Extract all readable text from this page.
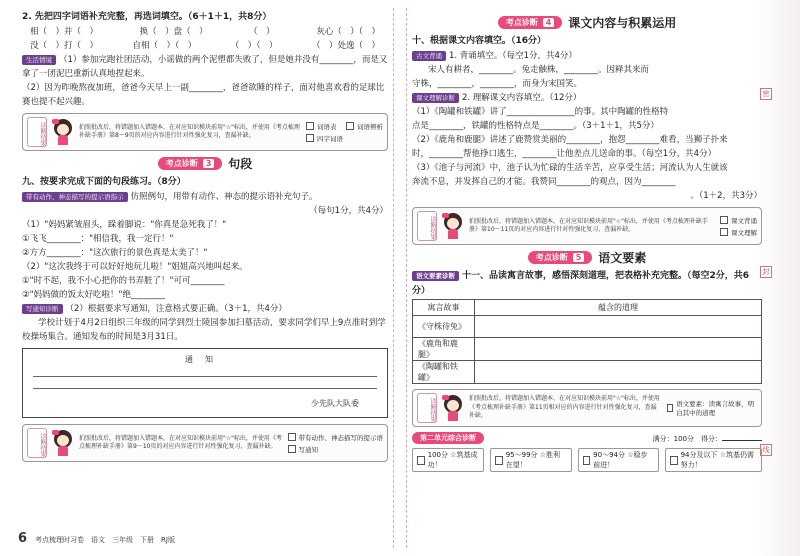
密
封
线
2. 先把四字词语补充完整，再选词填空。（6＋1＋1，共8分）
相（　）并（　）	换（　）盘（　）	（　）	灰心（　）（　）
没（　）打（　）	自相（　）（　）	（　）（　）	（　）处逸（　）
生活情境 （1）参加完跑社团活动，小谣做的两个泥塑都失败了，但是她并没有________，而是又拿了一团泥巴重新认真地捏起来。
（2）因为昨晚熬夜加班，爸爸今天早上一副________，爸爸欲睡的样子，面对他喜欢看的足球比赛也提不起兴趣。
诊断结果	拍照批改后，将错题加入错题本，在对应知识模块前用"☆"标出，并使用《考点梳理补缺手册》第8～9页的对应内容进行针对性强化复习，查漏补缺。
词语表	词语辨析
四字词语
考点诊断	3 句段
九、按要求完成下面的句段练习。（8分）
带有动作、神态描写的提示语指示 仿照例句，用带有动作、神态的提示语补充句子。
（每句1分，共4分）
（1）"妈妈紧皱眉头，跺着脚说："你真是急死我了！"
①飞飞________："相信我，我一定行！"
②方方________："这次旅行的景色真是太美了！"
（2）"这次我终于可以好好地玩儿啦！"姐姐高兴地叫起来。
①"时不起，我不小心把你的书弄脏了！"可可________
②"妈妈做的饭太好吃啦！"绝________
写通知诊断 （2）根据要求写通知，注意格式要正确。（3＋1，共4分）
学校计划于4月2日组织三年级的同学到烈士陵园参加扫墓活动，要求同学们早上9点准时到学校操场集合。通知发布的时间是3月31日。
通知
少先队大队委
诊断结果	拍照批改后，将错题加入错题本，在对应知识模块前用"☆"标出，并使用《考点梳理补缺手册》第9～10页的对应内容进行针对性强化复习，查漏补缺。
带有动作、神态描写的提示语
写通知
6 考点梳理时习卷　语文　三年级　下册　RJ版
考点诊断	4 课文内容与积累运用
十、根据课文内容填空。（16分）
古文背诵 1. 背诵填空。（每空1分，共4分）
宋人有耕者，________。兔走触株，________。因释其来而
守株，________，________，而身为宋国笑。
课文理解诊断 2. 理解课文内容填空。（12分）
（1）《陶罐和铁罐》讲了________________的事。其中陶罐的性格特
点是________，铁罐的性格特点是________。（3＋1＋1，共5分）
（2）《鹿角和鹿腿》讲述了鹿赞赏美丽的________，抱怨________难看，当狮子扑来
时，________帮他挣口逃生，________让他差点儿送命的事。（每空1分，共4分）
（3）《池子与河流》中，池子认为忙碌的生活辛苦，应享受生活；河流认为人生就该
奔流不息，并发挥自己的才能。我赞同________的观点，因为________
。（1＋2，共3分）
诊断结果	拍照批改后，将错题加入错题本，在对应知识模块前用"☆"标出，并使用《考点梳理补缺手册》第10～11页的对应内容进行针对性强化复习，查漏补缺。
课文背诵
课文理解
考点诊断	5 语文要素
语文要素诊断 十一、品读寓言故事，感悟深刻道理，把表格补充完整。（每空2分，共6分）
寓言故事	蕴含的道理
《守株待兔》	
《鹿角和鹿腿》	
《陶罐和铁罐》	
诊断结果	拍照批改后，将错题加入错题本，在对应知识模块前用"☆"标出，并使用《考点梳理补缺手册》第11页相对应的内容进行针对性强化复习，查漏补缺。
语文要素：读寓言故事，明白其中的道理
第二单元综合诊断	满分：100分　 得分：
100分 ☆筑基成功！
95～99分 ☆胜利在望！
90～94分 ☆稳步前进！
94分及以下 ☆筑基仍需努力！
